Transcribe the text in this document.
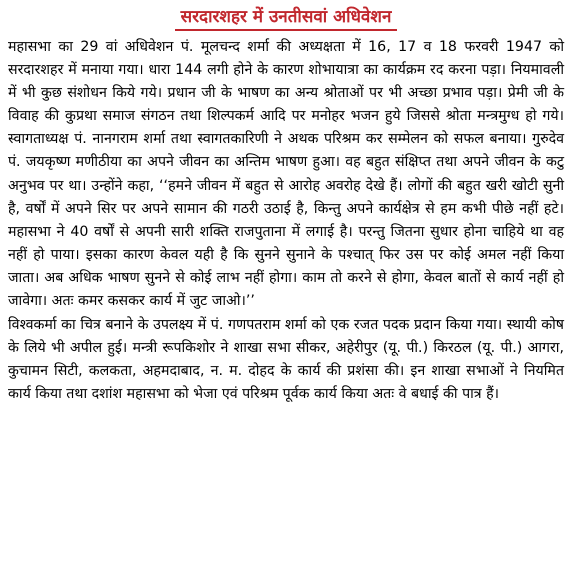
सरदारशहर में उनतीसवां अधिवेशन

महासभा का 29 वां अधिवेशन पं. मूलचन्द शर्मा की अध्यक्षता में 16, 17 व 18 फरवरी 1947 को सरदारशहर में मनाया गया। धारा 144 लगी होने के कारण शोभायात्रा का कार्यक्रम रद करना पड़ा। नियमावली में भी कुछ संशोधन किये गये। प्रधान जी के भाषण का अन्य श्रोताओं पर भी अच्छा प्रभाव पड़ा। प्रेमी जी के विवाह की कुप्रथा समाज संगठन तथा शिल्पकर्म आदि पर मनोहर भजन हुये जिससे श्रोता मन्त्रमुग्ध हो गये। स्वागताध्यक्ष पं. नानगराम शर्मा तथा स्वागतकारिणी ने अथक परिश्रम कर सम्मेलन को सफल बनाया। गुरुदेव पं. जयकृष्ण मणीठीया का अपने जीवन का अन्तिम भाषण हुआ। वह बहुत संक्षिप्त तथा अपने जीवन के कटु अनुभव पर था। उन्होंने कहा, ‘‘हमने जीवन में बहुत से आरोह अवरोह देखे हैं। लोगों की बहुत खरी खोटी सुनी है, वर्षों में अपने सिर पर अपने सामान की गठरी उठाई है, किन्तु अपने कार्यक्षेत्र से हम कभी पीछे नहीं हटे। महासभा ने 40 वर्षों से अपनी सारी शक्ति राजपुताना में लगाई है। परन्तु जितना सुधार होना चाहिये था वह नहीं हो पाया। इसका कारण केवल यही है कि सुनने सुनाने के पश्चात् फिर उस पर कोई अमल नहीं किया जाता। अब अधिक भाषण सुनने से कोई लाभ नहीं होगा। काम तो करने से होगा, केवल बातों से कार्य नहीं हो जावेगा। अतः कमर कसकर कार्य में जुट जाओ।’’

विश्वकर्मा का चित्र बनाने के उपलक्ष्य में पं. गणपतराम शर्मा को एक रजत पदक प्रदान किया गया। स्थायी कोष के लिये भी अपील हुई। मन्त्री रूपकिशोर ने शाखा सभा सीकर, अहेरीपुर (यू. पी.) किरठल (यू. पी.) आगरा, कुचामन सिटी, कलकता, अहमदाबाद, न. म. दोहद के कार्य की प्रशंसा की। इन शाखा सभाओं ने नियमित कार्य किया तथा दशांश महासभा को भेजा एवं परिश्रम पूर्वक कार्य किया अतः वे बधाई की पात्र हैं।
